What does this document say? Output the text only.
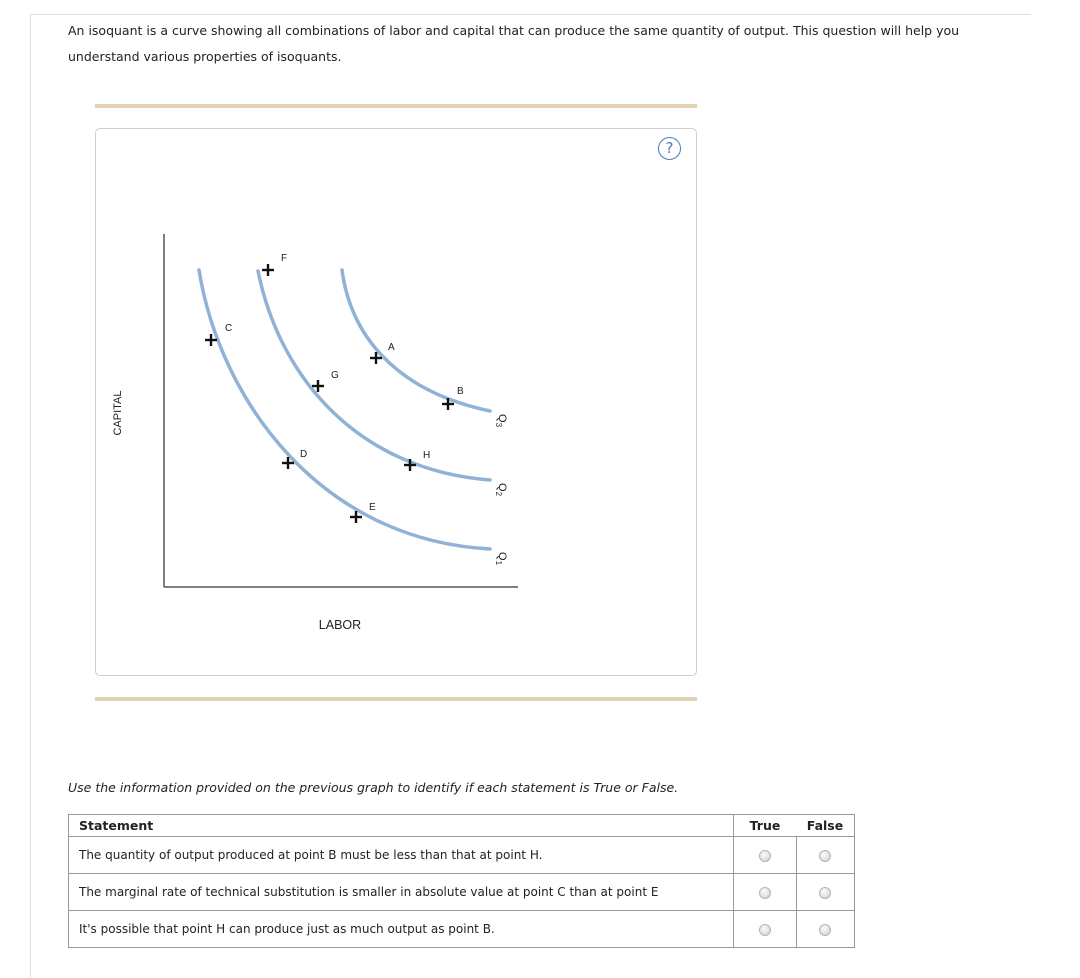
An isoquant is a curve showing all combinations of labor and capital that can produce the same quantity of output. This question will help you understand various properties of isoquants.
?
CAPITAL
LABOR
$Q_3$
$Q_2$
$Q_1$
F
C
A
G
B
D	H
E
Use the information provided on the previous graph to identify if each statement is True or False.
Statement	True	False
The quantity of output produced at point B must be less than that at point H.		
The marginal rate of technical substitution is smaller in absolute value at point C than at point E		
It's possible that point H can produce just as much output as point B.		
